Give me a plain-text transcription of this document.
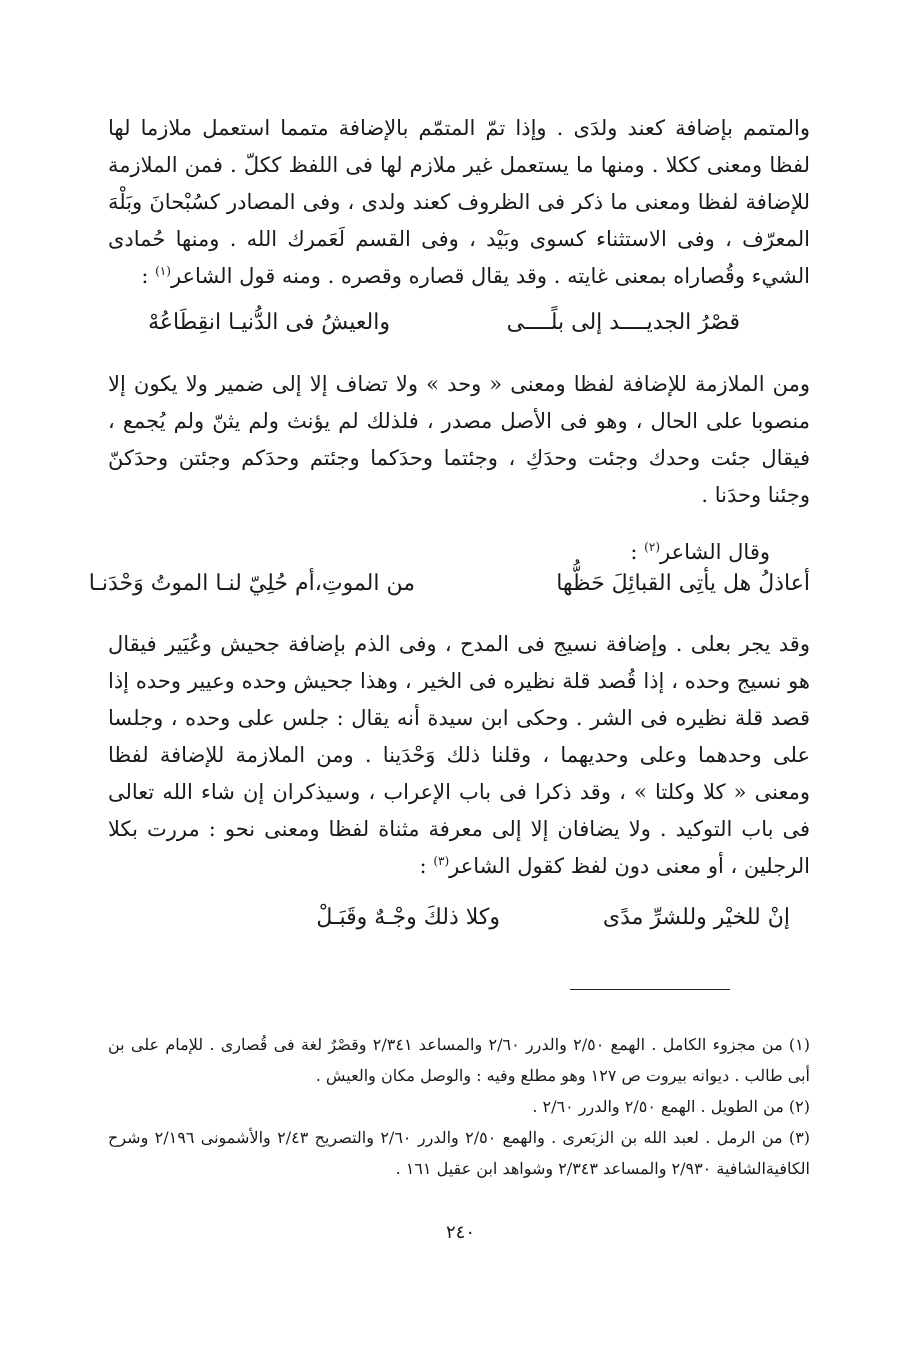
والمتمم بإضافة كعند ولدَى . وإذا تمّ المتمّم بالإضافة متمما استعمل ملازما لها لفظا ومعنى ككلا . ومنها ما يستعمل غير ملازم لها فى اللفظ ككلّ . فمن الملازمة للإضافة لفظا ومعنى ما ذكر فى الظروف كعند ولدى ، وفى المصادر كسُبْحانَ وبَلْهَ المعرّف ، وفى الاستثناء كسوى وبَيْد ، وفى القسم لَعَمرك الله . ومنها حُمادى الشيء وقُصاراه بمعنى غايته . وقد يقال قصاره وقصره . ومنه قول الشاعر$^{(١)}$ :

قصْرُ الجديــــد إلى بلًــــى
والعيشُ فى الدُّنيـا انقِطَاعُهْ

ومن الملازمة للإضافة لفظا ومعنى « وحد » ولا تضاف إلا إلى ضمير ولا يكون إلا منصوبا على الحال ، وهو فى الأصل مصدر ، فلذلك لم يؤنث ولم يثنّ ولم يُجمع ، فيقال جئت وحدك وجئت وحدَكِ ، وجئتما وحدَكما وجئتم وحدَكم وجئتن وحدَكنّ وجئنا وحدَنا .

وقال الشاعر$^{(٢)}$ :

أعاذلُ هل يأتِى القبائِلَ حَظُّها
من الموتِ،أم حُلِيّ لنـا الموتُ وَحْدَنـا

وقد يجر بعلى . وإضافة نسيج فى المدح ، وفى الذم بإضافة جحيش وعُيَير فيقال هو نسيج وحده ، إذا قُصد قلة نظيره فى الخير ، وهذا جحيش وحده وعيير وحده إذا قصد قلة نظيره فى الشر . وحكى ابن سيدة أنه يقال : جلس على وحده ، وجلسا على وحدهما وعلى وحديهما ، وقلنا ذلك وَحْدَينا . ومن الملازمة للإضافة لفظا ومعنى « كلا وكلتا » ، وقد ذكرا فى باب الإعراب ، وسيذكران إن شاء الله تعالى فى باب التوكيد . ولا يضافان إلا إلى معرفة مثناة لفظا ومعنى نحو : مررت بكلا الرجلين ، أو معنى دون لفظ كقول الشاعر$^{(٣)}$ :

إنْ للخيْر وللشرِّ مدًى
وكلا ذلكَ وجْـهٌ وقَبَـلْ

(١) من مجزوء الكامل . الهمع ٢/٥٠ والدرر ٢/٦٠ والمساعد ٢/٣٤١ وقصْرٌ لغة فى قُصارى . للإمام على بن أبى طالب . ديوانه بيروت ص ١٢٧ وهو مطلع وفيه : والوصل مكان والعيش .

(٢) من الطويل . الهمع ٢/٥٠ والدرر ٢/٦٠ .

(٣) من الرمل . لعبد الله بن الزبَعرى . والهمع ٢/٥٠ والدرر ٢/٦٠ والتصريح ٢/٤٣ والأشمونى ٢/١٩٦ وشرح الكافيةالشافية ٢/٩٣٠ والمساعد ٢/٣٤٣ وشواهد ابن عقيل ١٦١ .

٢٤٠
